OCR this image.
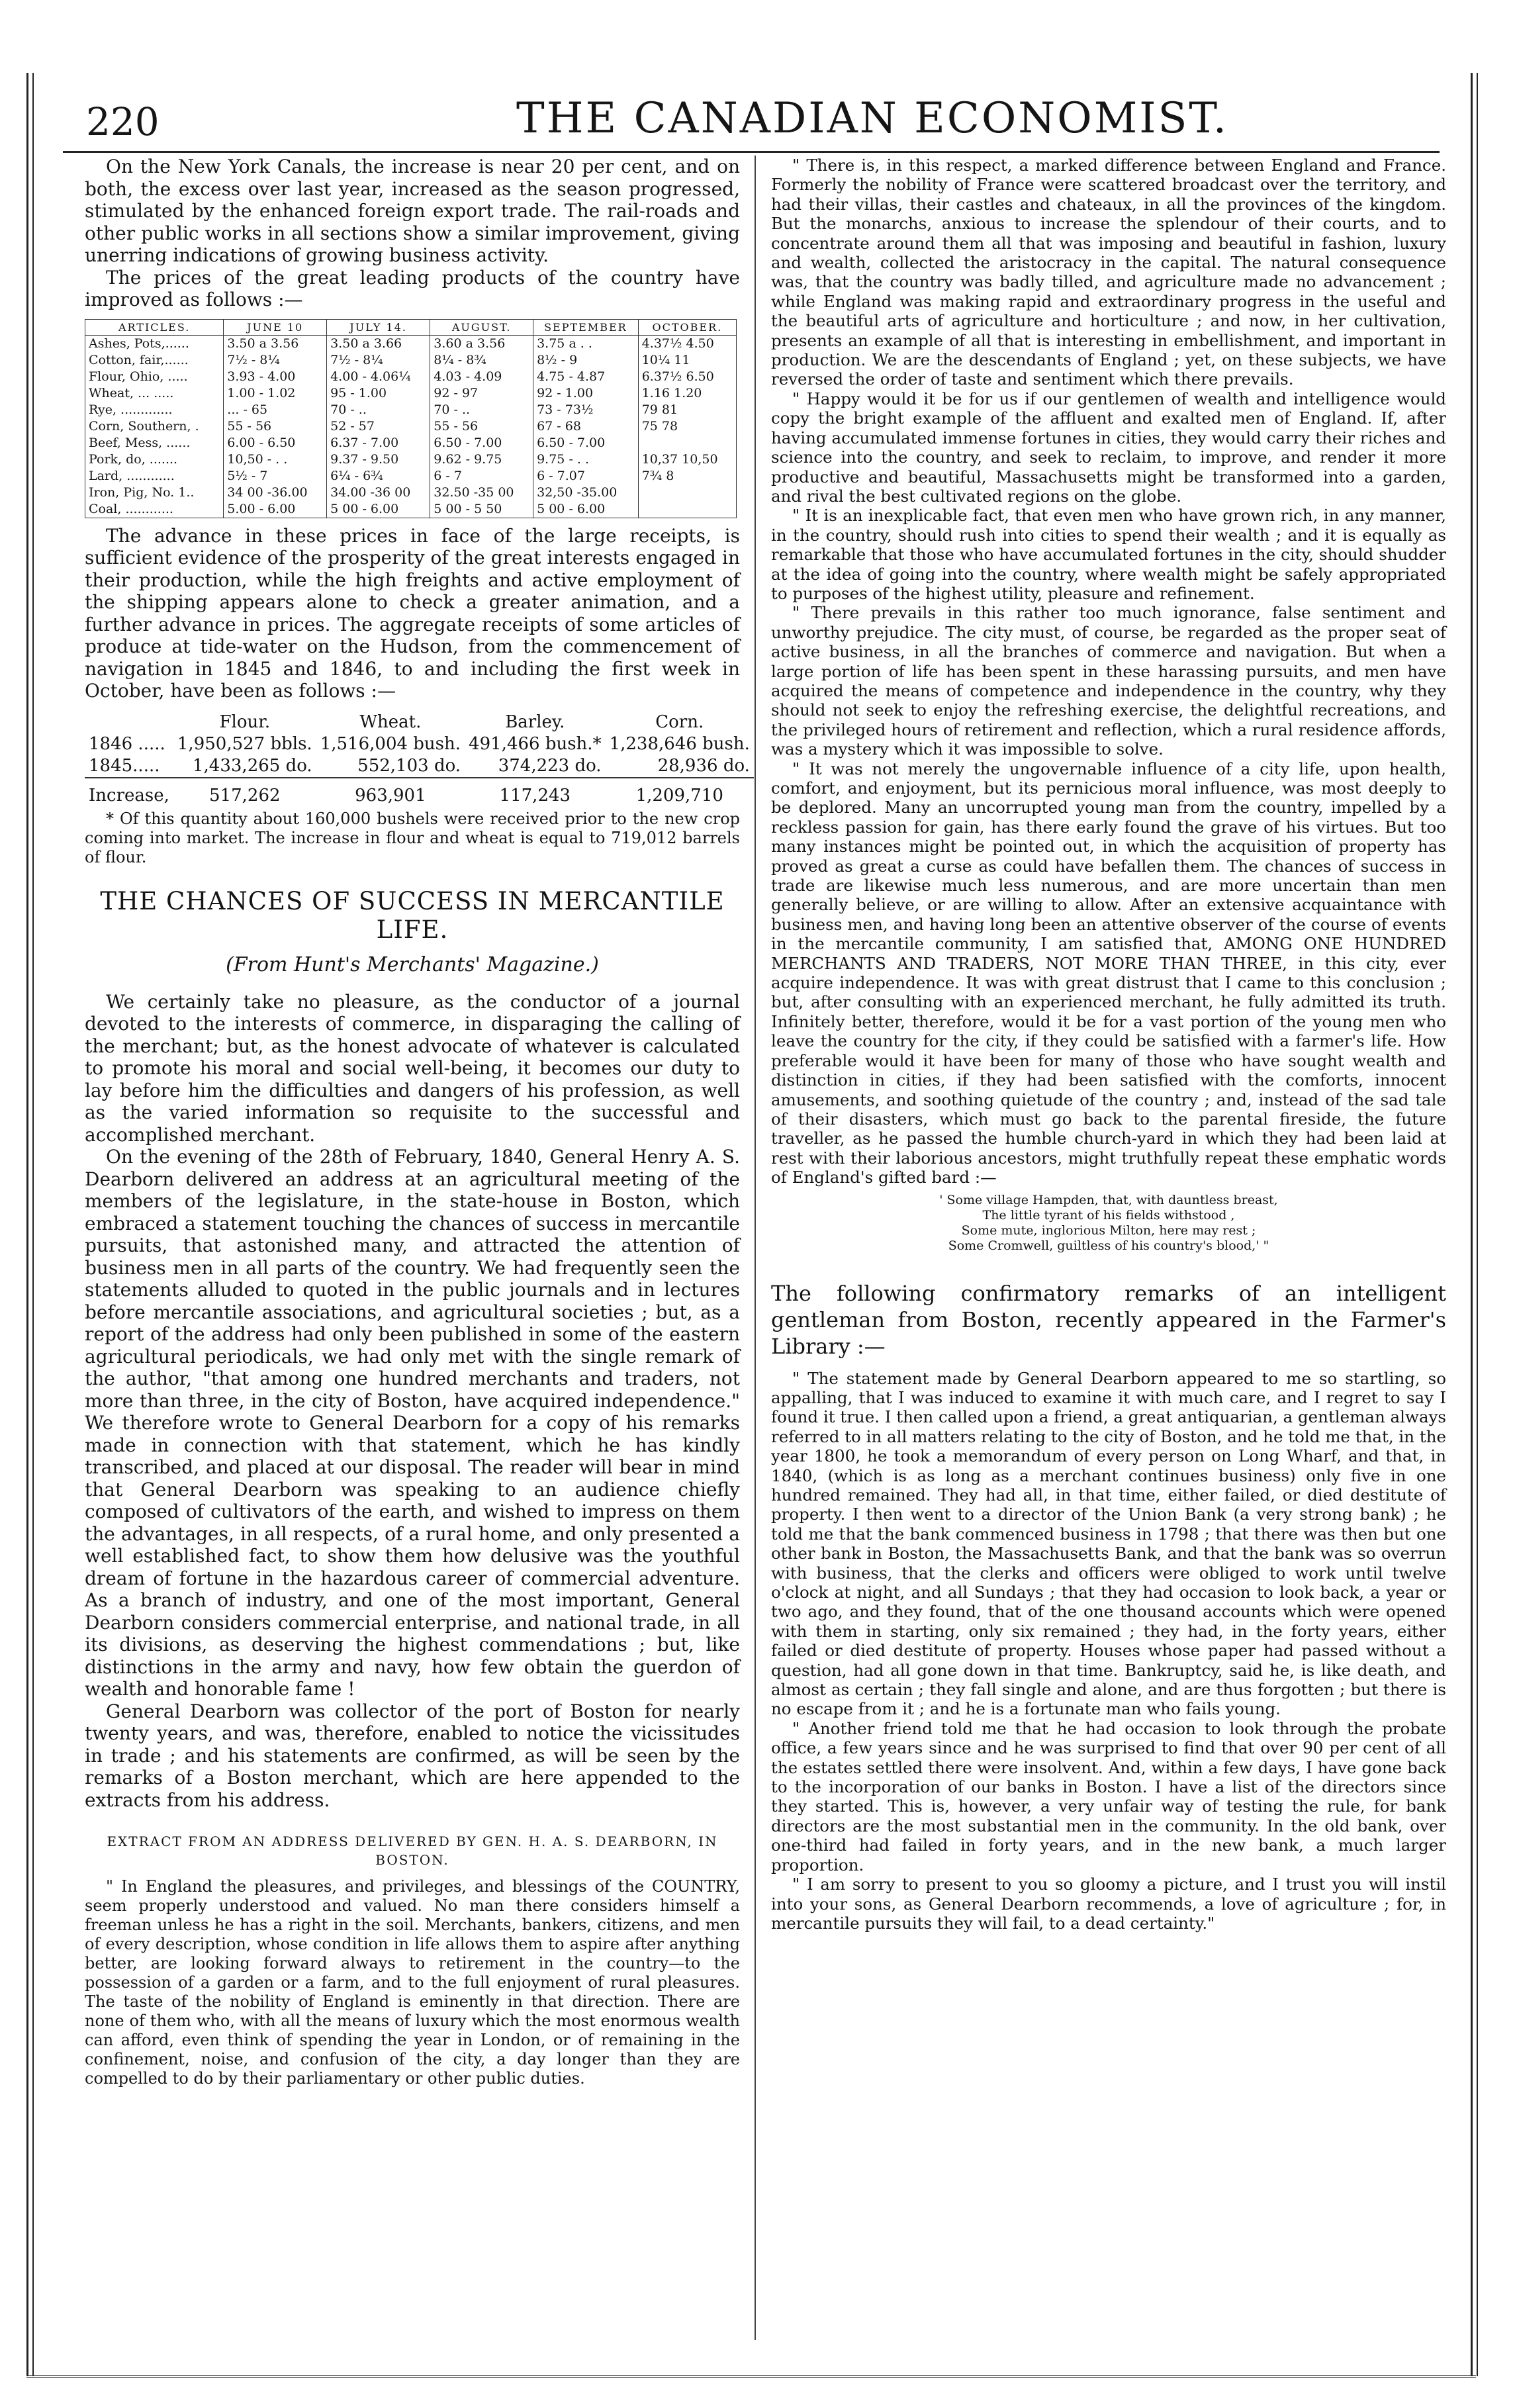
220	THE CANADIAN ECONOMIST.

On the New York Canals, the increase is near 20 per cent, and on both, the excess over last year, increased as the season progressed, stimulated by the enhanced foreign export trade. The rail-roads and other public works in all sections show a similar improvement, giving unerring indications of growing business activity.

The prices of the great leading products of the country have improved as follows :—

ARTICLES.	JUNE 10	JULY 14.	AUGUST.	SEPTEMBER	OCTOBER.
Ashes, Pots,......	3.50 a 3.56	3.50 a 3.66	3.60 a 3.56	3.75 a . .	4.37½ 4.50
Cotton, fair,......	7½ - 8¼	7½ - 8¼	8¼ - 8¾	8½ - 9	10¼ 11
Flour, Ohio, .....	3.93 - 4.00	4.00 - 4.06¼	4.03 - 4.09	4.75 - 4.87	6.37½ 6.50
Wheat, ... .....	1.00 - 1.02	95 - 1.00	92 - 97	92 - 1.00	1.16 1.20
Rye, .............	... - 65	70 - ..	70 - ..	73 - 73½	79 81
Corn, Southern, .	55 - 56	52 - 57	55 - 56	67 - 68	75 78
Beef, Mess, ......	6.00 - 6.50	6.37 - 7.00	6.50 - 7.00	6.50 - 7.00	
Pork, do, .......	10,50 - . .	9.37 - 9.50	9.62 - 9.75	9.75 - . .	10,37 10,50
Lard, ............	5½ - 7	6¼ - 6¾	6 - 7	6 - 7.07	7¾ 8
Iron, Pig, No. 1..	34 00 -36.00	34.00 -36 00	32.50 -35 00	32,50 -35.00	
Coal, ............	5.00 - 6.00	5 00 - 6.00	5 00 - 5 50	5 00 - 6.00	

The advance in these prices in face of the large receipts, is sufficient evidence of the prosperity of the great interests engaged in their production, while the high freights and active employment of the shipping appears alone to check a greater animation, and a further advance in prices. The aggregate receipts of some articles of produce at tide-water on the Hudson, from the commencement of navigation in 1845 and 1846, to and including the first week in October, have been as follows :—

	Flour.	Wheat.	Barley.	Corn.
1846 .....	1,950,527 bbls.	1,516,004 bush.	491,466 bush.*	1,238,646 bush.
1845.....	1,433,265 do.	552,103 do.	374,223 do.	28,936 do.
Increase,	517,262	963,901	117,243	1,209,710

* Of this quantity about 160,000 bushels were received prior to the new crop coming into market. The increase in flour and wheat is equal to 719,012 barrels of flour.

THE CHANCES OF SUCCESS IN MERCANTILE LIFE.
(From Hunt's Merchants' Magazine.)

We certainly take no pleasure, as the conductor of a journal devoted to the interests of commerce, in disparaging the calling of the merchant; but, as the honest advocate of whatever is calculated to promote his moral and social well-being, it becomes our duty to lay before him the difficulties and dangers of his profession, as well as the varied information so requisite to the successful and accomplished merchant.

On the evening of the 28th of February, 1840, General Henry A. S. Dearborn delivered an address at an agricultural meeting of the members of the legislature, in the state-house in Boston, which embraced a statement touching the chances of success in mercantile pursuits, that astonished many, and attracted the attention of business men in all parts of the country. We had frequently seen the statements alluded to quoted in the public journals and in lectures before mercantile associations, and agricultural societies ; but, as a report of the address had only been published in some of the eastern agricultural periodicals, we had only met with the single remark of the author, "that among one hundred merchants and traders, not more than three, in the city of Boston, have acquired independence." We therefore wrote to General Dearborn for a copy of his remarks made in connection with that statement, which he has kindly transcribed, and placed at our disposal. The reader will bear in mind that General Dearborn was speaking to an audience chiefly composed of cultivators of the earth, and wished to impress on them the advantages, in all respects, of a rural home, and only presented a well established fact, to show them how delusive was the youthful dream of fortune in the hazardous career of commercial adventure. As a branch of industry, and one of the most important, General Dearborn considers commercial enterprise, and national trade, in all its divisions, as deserving the highest commendations ; but, like distinctions in the army and navy, how few obtain the guerdon of wealth and honorable fame !

General Dearborn was collector of the port of Boston for nearly twenty years, and was, therefore, enabled to notice the vicissitudes in trade ; and his statements are confirmed, as will be seen by the remarks of a Boston merchant, which are here appended to the extracts from his address.

EXTRACT FROM AN ADDRESS DELIVERED BY GEN. H. A. S. DEARBORN, IN BOSTON.

" In England the pleasures, and privileges, and blessings of the COUNTRY, seem properly understood and valued. No man there considers himself a freeman unless he has a right in the soil. Merchants, bankers, citizens, and men of every description, whose condition in life allows them to aspire after anything better, are looking forward always to retirement in the country—to the possession of a garden or a farm, and to the full enjoyment of rural pleasures. The taste of the nobility of England is eminently in that direction. There are none of them who, with all the means of luxury which the most enormous wealth can afford, even think of spending the year in London, or of remaining in the confinement, noise, and confusion of the city, a day longer than they are compelled to do by their parliamentary or other public duties.

" There is, in this respect, a marked difference between England and France. Formerly the nobility of France were scattered broadcast over the territory, and had their villas, their castles and chateaux, in all the provinces of the kingdom. But the monarchs, anxious to increase the splendour of their courts, and to concentrate around them all that was imposing and beautiful in fashion, luxury and wealth, collected the aristocracy in the capital. The natural consequence was, that the country was badly tilled, and agriculture made no advancement ; while England was making rapid and extraordinary progress in the useful and the beautiful arts of agriculture and horticulture ; and now, in her cultivation, presents an example of all that is interesting in embellishment, and important in production. We are the descendants of England ; yet, on these subjects, we have reversed the order of taste and sentiment which there prevails.

" Happy would it be for us if our gentlemen of wealth and intelligence would copy the bright example of the affluent and exalted men of England. If, after having accumulated immense fortunes in cities, they would carry their riches and science into the country, and seek to reclaim, to improve, and render it more productive and beautiful, Massachusetts might be transformed into a garden, and rival the best cultivated regions on the globe.

" It is an inexplicable fact, that even men who have grown rich, in any manner, in the country, should rush into cities to spend their wealth ; and it is equally as remarkable that those who have accumulated fortunes in the city, should shudder at the idea of going into the country, where wealth might be safely appropriated to purposes of the highest utility, pleasure and refinement.

" There prevails in this rather too much ignorance, false sentiment and unworthy prejudice. The city must, of course, be regarded as the proper seat of active business, in all the branches of commerce and navigation. But when a large portion of life has been spent in these harassing pursuits, and men have acquired the means of competence and independence in the country, why they should not seek to enjoy the refreshing exercise, the delightful recreations, and the privileged hours of retirement and reflection, which a rural residence affords, was a mystery which it was impossible to solve.

" It was not merely the ungovernable influence of a city life, upon health, comfort, and enjoyment, but its pernicious moral influence, was most deeply to be deplored. Many an uncorrupted young man from the country, impelled by a reckless passion for gain, has there early found the grave of his virtues. But too many instances might be pointed out, in which the acquisition of property has proved as great a curse as could have befallen them. The chances of success in trade are likewise much less numerous, and are more uncertain than men generally believe, or are willing to allow. After an extensive acquaintance with business men, and having long been an attentive observer of the course of events in the mercantile community, I am satisfied that, AMONG ONE HUNDRED MERCHANTS AND TRADERS, NOT MORE THAN THREE, in this city, ever acquire independence. It was with great distrust that I came to this conclusion ; but, after consulting with an experienced merchant, he fully admitted its truth. Infinitely better, therefore, would it be for a vast portion of the young men who leave the country for the city, if they could be satisfied with a farmer's life. How preferable would it have been for many of those who have sought wealth and distinction in cities, if they had been satisfied with the comforts, innocent amusements, and soothing quietude of the country ; and, instead of the sad tale of their disasters, which must go back to the parental fireside, the future traveller, as he passed the humble church-yard in which they had been laid at rest with their laborious ancestors, might truthfully repeat these emphatic words of England's gifted bard :—

' Some village Hampden, that, with dauntless breast,
The little tyrant of his fields withstood ,
Some mute, inglorious Milton, here may rest ;
Some Cromwell, guiltless of his country's blood,' "

The following confirmatory remarks of an intelligent gentleman from Boston, recently appeared in the Farmer's Library :—

" The statement made by General Dearborn appeared to me so startling, so appalling, that I was induced to examine it with much care, and I regret to say I found it true. I then called upon a friend, a great antiquarian, a gentleman always referred to in all matters relating to the city of Boston, and he told me that, in the year 1800, he took a memorandum of every person on Long Wharf, and that, in 1840, (which is as long as a merchant continues business) only five in one hundred remained. They had all, in that time, either failed, or died destitute of property. I then went to a director of the Union Bank (a very strong bank) ; he told me that the bank commenced business in 1798 ; that there was then but one other bank in Boston, the Massachusetts Bank, and that the bank was so overrun with business, that the clerks and officers were obliged to work until twelve o'clock at night, and all Sundays ; that they had occasion to look back, a year or two ago, and they found, that of the one thousand accounts which were opened with them in starting, only six remained ; they had, in the forty years, either failed or died destitute of property. Houses whose paper had passed without a question, had all gone down in that time. Bankruptcy, said he, is like death, and almost as certain ; they fall single and alone, and are thus forgotten ; but there is no escape from it ; and he is a fortunate man who fails young.

" Another friend told me that he had occasion to look through the probate office, a few years since and he was surprised to find that over 90 per cent of all the estates settled there were insolvent. And, within a few days, I have gone back to the incorporation of our banks in Boston. I have a list of the directors since they started. This is, however, a very unfair way of testing the rule, for bank directors are the most substantial men in the community. In the old bank, over one-third had failed in forty years, and in the new bank, a much larger proportion.

" I am sorry to present to you so gloomy a picture, and I trust you will instil into your sons, as General Dearborn recommends, a love of agriculture ; for, in mercantile pursuits they will fail, to a dead certainty."
